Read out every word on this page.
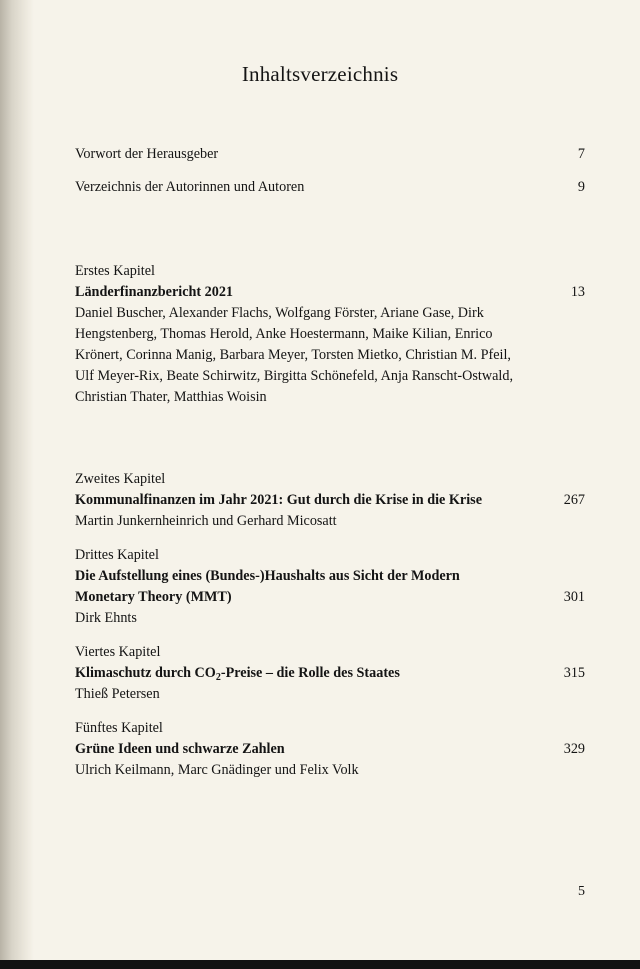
Inhaltsverzeichnis
Vorwort der Herausgeber	7
Verzeichnis der Autorinnen und Autoren	9
Erstes Kapitel
Länderfinanzbericht 2021	13
Daniel Buscher, Alexander Flachs, Wolfgang Förster, Ariane Gase, Dirk
Hengstenberg, Thomas Herold, Anke Hoestermann, Maike Kilian, Enrico
Krönert, Corinna Manig, Barbara Meyer, Torsten Mietko, Christian M. Pfeil,
Ulf Meyer-Rix, Beate Schirwitz, Birgitta Schönefeld, Anja Ranscht-Ostwald,
Christian Thater, Matthias Woisin
Zweites Kapitel
Kommunalfinanzen im Jahr 2021: Gut durch die Krise in die Krise	267
Martin Junkernheinrich und Gerhard Micosatt
Drittes Kapitel
Die Aufstellung eines (Bundes-)Haushalts aus Sicht der Modern
Monetary Theory (MMT)	301
Dirk Ehnts
Viertes Kapitel
Klimaschutz durch $CO_2$-Preise – die Rolle des Staates	315
Thieß Petersen
Fünftes Kapitel
Grüne Ideen und schwarze Zahlen	329
Ulrich Keilmann, Marc Gnädinger und Felix Volk
5
